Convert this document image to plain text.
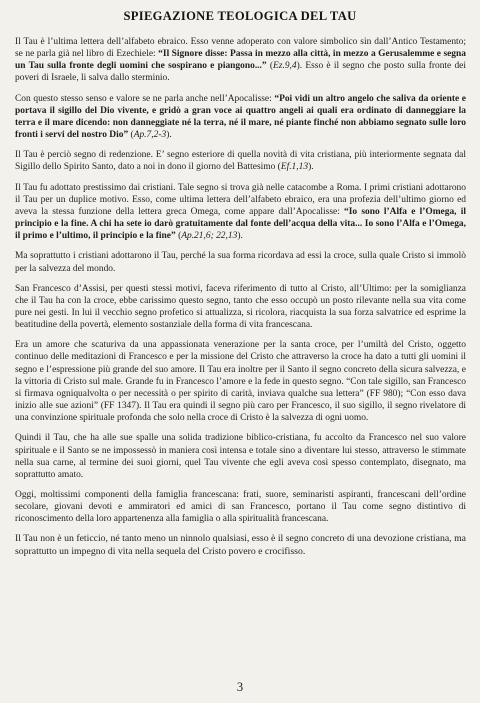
SPIEGAZIONE TEOLOGICA DEL TAU

Il Tau è l’ultima lettera dell’alfabeto ebraico. Esso venne adoperato con valore simbolico sin dall’Antico Testamento; se ne parla già nel libro di Ezechiele: “Il Signore disse: Passa in mezzo alla città, in mezzo a Gerusalemme e segna un Tau sulla fronte degli uomini che sospirano e piangono...” (Ez.9,4). Esso è il segno che posto sulla fronte dei poveri di Israele, li salva dallo sterminio.

Con questo stesso senso e valore se ne parla anche nell’Apocalisse: “Poi vidi un altro angelo che saliva da oriente e portava il sigillo del Dio vivente, e gridò a gran voce ai quattro angeli ai quali era ordinato di danneggiare la terra e il mare dicendo: non danneggiate né la terra, né il mare, né piante finché non abbiamo segnato sulle loro fronti i servi del nostro Dio” (Ap.7,2-3).

Il Tau è perciò segno di redenzione. E’ segno esteriore di quella novità di vita cristiana, più interiormente segnata dal Sigillo dello Spirito Santo, dato a noi in dono il giorno del Battesimo (Ef.1,13).

Il Tau fu adottato prestissimo dai cristiani. Tale segno si trova già nelle catacombe a Roma. I primi cristiani adottarono il Tau per un duplice motivo. Esso, come ultima lettera dell’alfabeto ebraico, era una profezia dell’ultimo giorno ed aveva la stessa funzione della lettera greca Omega, come appare dall’Apocalisse: “Io sono l’Alfa e l’Omega, il principio e la fine. A chi ha sete io darò gratuitamente dal fonte dell’acqua della vita... Io sono l’Alfa e l’Omega, il primo e l’ultimo, il principio e la fine” (Ap.21,6; 22,13).

Ma soprattutto i cristiani adottarono il Tau, perché la sua forma ricordava ad essi la croce, sulla quale Cristo si immolò per la salvezza del mondo.

San Francesco d’Assisi, per questi stessi motivi, faceva riferimento di tutto al Cristo, all’Ultimo: per la somiglianza che il Tau ha con la croce, ebbe carissimo questo segno, tanto che esso occupò un posto rilevante nella sua vita come pure nei gesti. In lui il vecchio segno profetico si attualizza, si ricolora, riacquista la sua forza salvatrice ed esprime la beatitudine della povertà, elemento sostanziale della forma di vita francescana.

Era un amore che scaturiva da una appassionata venerazione per la santa croce, per l’umiltà del Cristo, oggetto continuo delle meditazioni di Francesco e per la missione del Cristo che attraverso la croce ha dato a tutti gli uomini il segno e l’espressione più grande del suo amore. Il Tau era inoltre per il Santo il segno concreto della sicura salvezza, e la vittoria di Cristo sul male. Grande fu in Francesco l’amore e la fede in questo segno. “Con tale sigillo, san Francesco si firmava ogniqualvolta o per necessità o per spirito di carità, inviava qualche sua lettera” (FF 980); “Con esso dava inizio alle sue azioni” (FF 1347). Il Tau era quindi il segno più caro per Francesco, il suo sigillo, il segno rivelatore di una convinzione spirituale profonda che solo nella croce di Cristo è la salvezza di ogni uomo.

Quindi il Tau, che ha alle sue spalle una solida tradizione biblico-cristiana, fu accolto da Francesco nel suo valore spirituale e il Santo se ne impossessò in maniera così intensa e totale sino a diventare lui stesso, attraverso le stimmate nella sua carne, al termine dei suoi giorni, quel Tau vivente che egli aveva così spesso contemplato, disegnato, ma soprattutto amato.

Oggi, moltissimi componenti della famiglia francescana: frati, suore, seminaristi aspiranti, francescani dell’ordine secolare, giovani devoti e ammiratori ed amici di san Francesco, portano il Tau come segno distintivo di riconoscimento della loro appartenenza alla famiglia o alla spiritualità francescana.

Il Tau non è un feticcio, né tanto meno un ninnolo qualsiasi, esso è il segno concreto di una devozione cristiana, ma soprattutto un impegno di vita nella sequela del Cristo povero e crocifisso.

3
